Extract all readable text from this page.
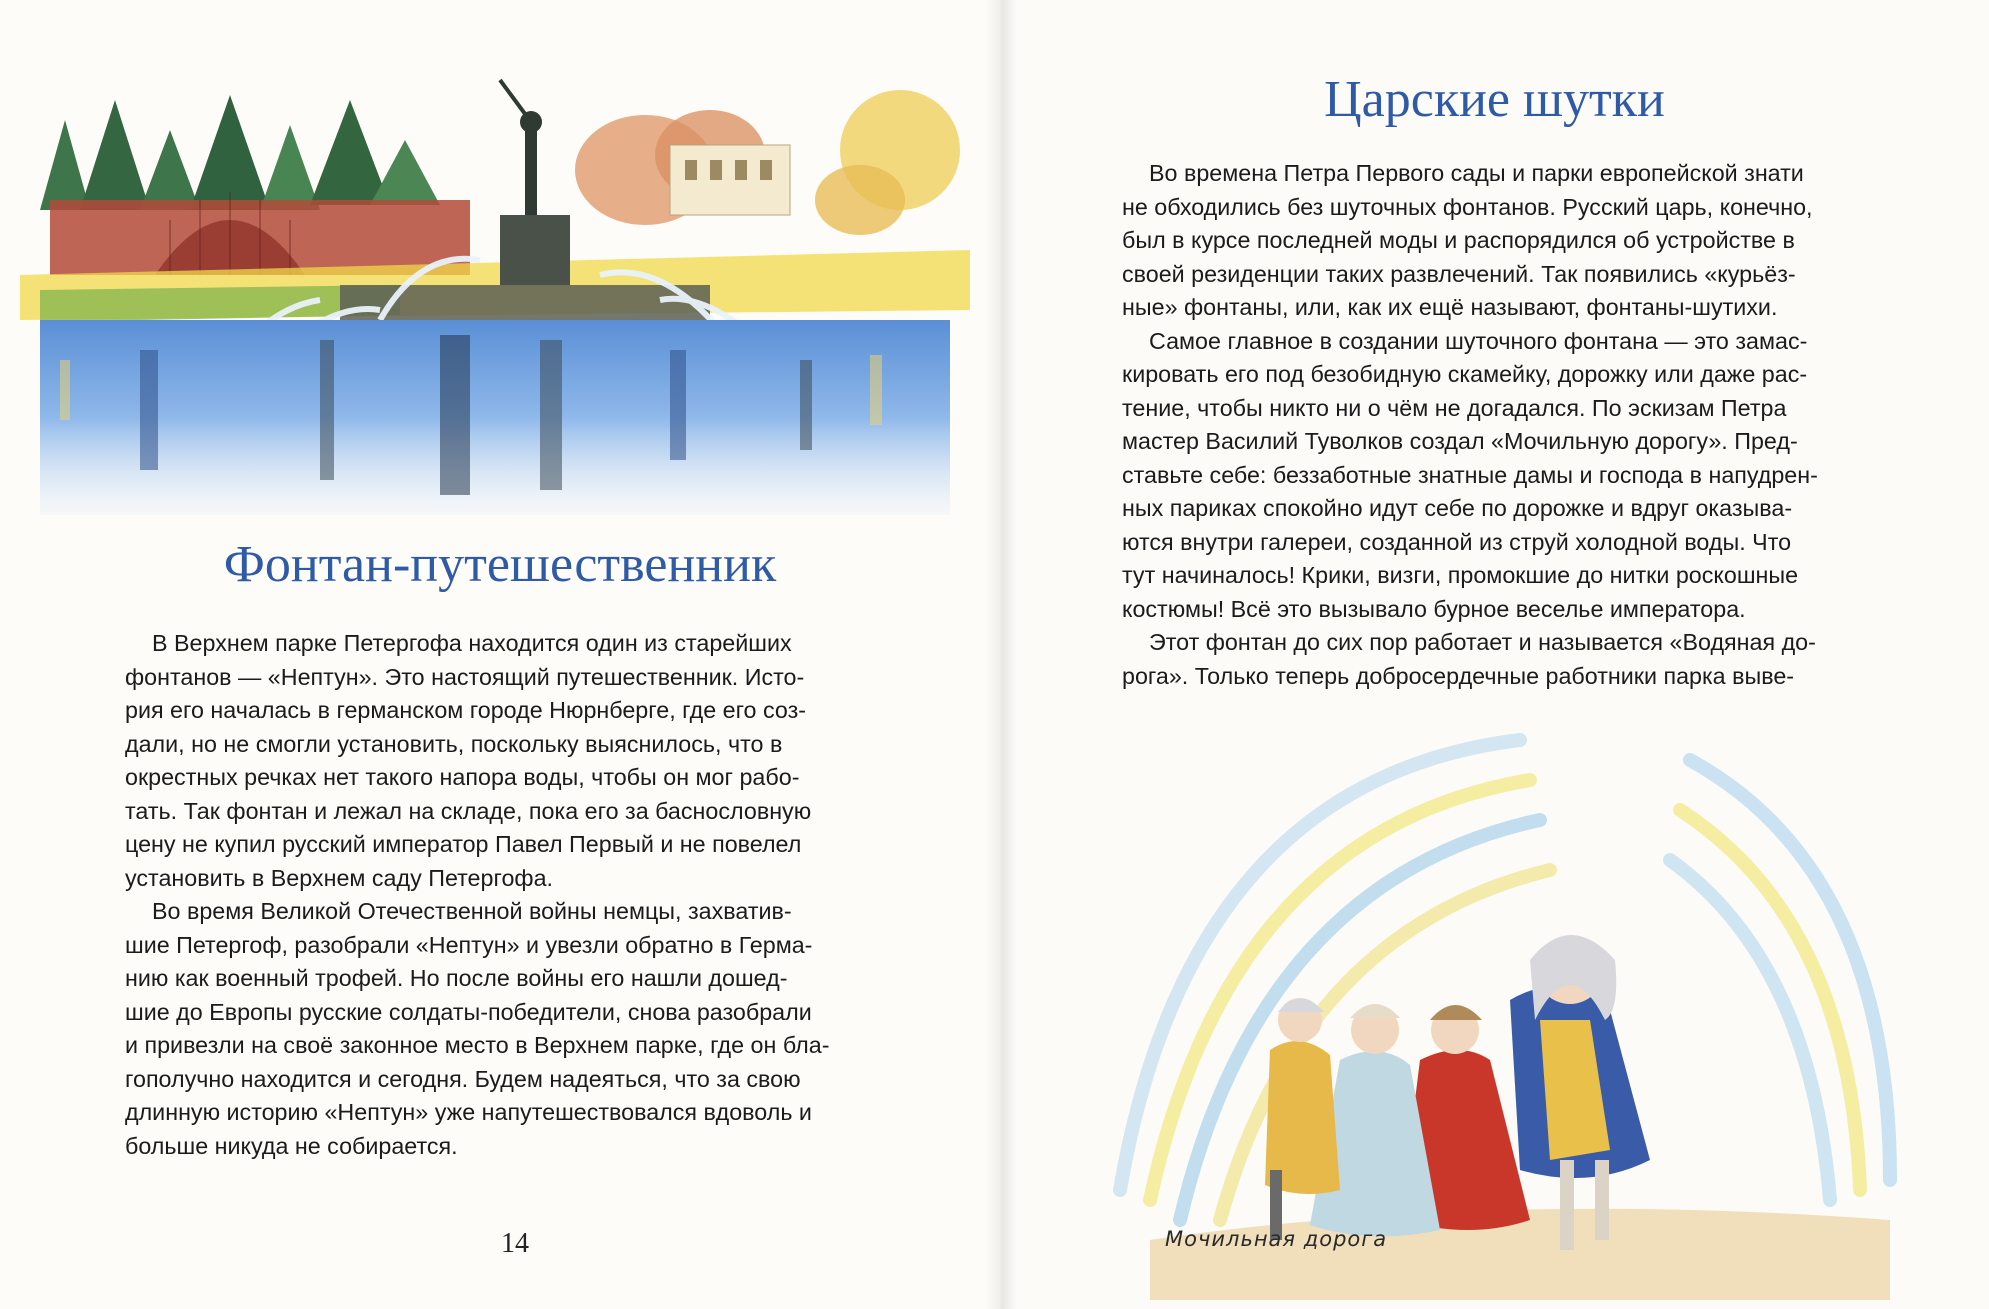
Фонтан-путешественник

В Верхнем парке Петергофа находится один из старейших
фонтанов — «Нептун». Это настоящий путешественник. Исто-
рия его началась в германском городе Нюрнберге, где его соз-
дали, но не смогли установить, поскольку выяснилось, что в
окрестных речках нет такого напора воды, чтобы он мог рабо-
тать. Так фонтан и лежал на складе, пока его за баснословную
цену не купил русский император Павел Первый и не повелел
установить в Верхнем саду Петергофа.

Во время Великой Отечественной войны немцы, захватив-
шие Петергоф, разобрали «Нептун» и увезли обратно в Герма-
нию как военный трофей. Но после войны его нашли дошед-
шие до Европы русские солдаты-победители, снова разобрали
и привезли на своё законное место в Верхнем парке, где он бла-
гополучно находится и сегодня. Будем надеяться, что за свою
длинную историю «Нептун» уже напутешествовался вдоволь и
больше никуда не собирается.

14
Царские шутки

Во времена Петра Первого сады и парки европейской знати
не обходились без шуточных фонтанов. Русский царь, конечно,
был в курсе последней моды и распорядился об устройстве в
своей резиденции таких развлечений. Так появились «курьёз-
ные» фонтаны, или, как их ещё называют, фонтаны-шутихи.

Самое главное в создании шуточного фонтана — это замас-
кировать его под безобидную скамейку, дорожку или даже рас-
тение, чтобы никто ни о чём не догадался. По эскизам Петра
мастер Василий Туволков создал «Мочильную дорогу». Пред-
ставьте себе: беззаботные знатные дамы и господа в напудрен-
ных париках спокойно идут себе по дорожке и вдруг оказыва-
ются внутри галереи, созданной из струй холодной воды. Что
тут начиналось! Крики, визги, промокшие до нитки роскошные
костюмы! Всё это вызывало бурное веселье императора.

Этот фонтан до сих пор работает и называется «Водяная до-
рога». Только теперь добросердечные работники парка выве-

Мочильная дорога
